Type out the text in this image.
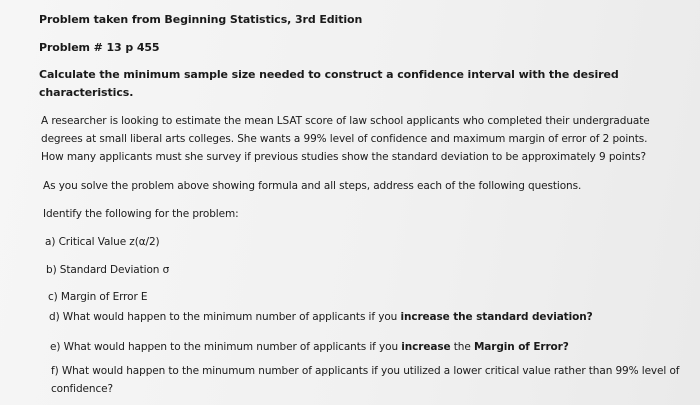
Problem taken from Beginning Statistics, 3rd Edition
Problem # 13 p 455
Calculate the minimum sample size needed to construct a confidence interval with the desired
characteristics.
A researcher is looking to estimate the mean LSAT score of law school applicants who completed their undergraduate
degrees at small liberal arts colleges. She wants a 99% level of confidence and maximum margin of error of 2 points.
How many applicants must she survey if previous studies show the standard deviation to be approximately 9 points?
As you solve the problem above showing formula and all steps, address each of the following questions.
Identify the following for the problem:
a) Critical Value z(α/2)
b) Standard Deviation σ
c) Margin of Error E
d) What would happen to the minimum number of applicants if you increase the standard deviation?
e) What would happen to the minimum number of applicants if you increase the Margin of Error?
f) What would happen to the minumum number of applicants if you utilized a lower critical value rather than 99% level of
confidence?
